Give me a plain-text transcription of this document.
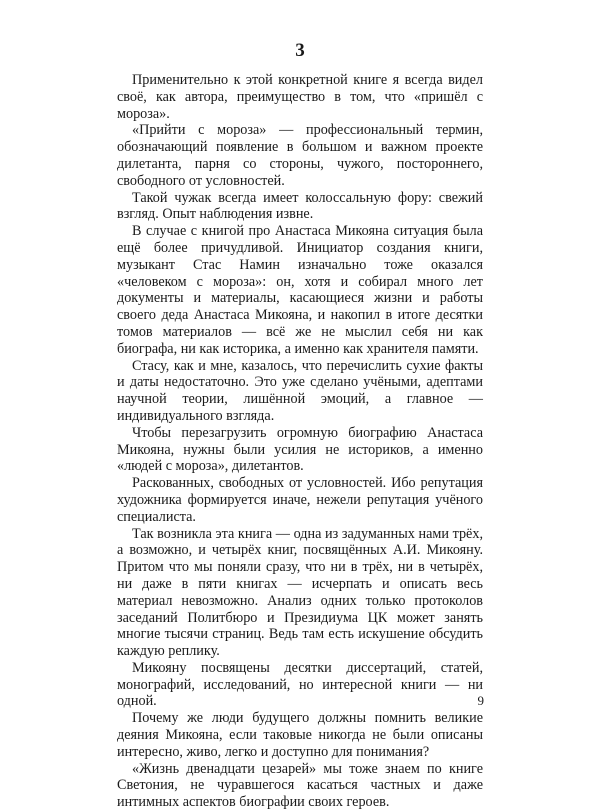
3

Применительно к этой конкретной книге я всегда видел своё, как автора, преимущество в том, что «пришёл с мороза».

«Прийти с мороза» — профессиональный термин, обозначающий появление в большом и важном проекте дилетанта, парня со стороны, чужого, постороннего, свободного от условностей.

Такой чужак всегда имеет колоссальную фору: свежий взгляд. Опыт наблюдения извне.

В случае с книгой про Анастаса Микояна ситуация была ещё более причудливой. Инициатор создания книги, музыкант Стас Намин изначально тоже оказался «человеком с мороза»: он, хотя и собирал много лет документы и материалы, касающиеся жизни и работы своего деда Анастаса Микояна, и накопил в итоге десятки томов материалов — всё же не мыслил себя ни как биографа, ни как историка, а именно как хранителя памяти.

Стасу, как и мне, казалось, что перечислить сухие факты и даты недостаточно. Это уже сделано учёными, адептами научной теории, лишённой эмоций, а главное — индивидуального взгляда.

Чтобы перезагрузить огромную биографию Анастаса Микояна, нужны были усилия не историков, а именно «людей с мороза», дилетантов.

Раскованных, свободных от условностей. Ибо репутация художника формируется иначе, нежели репутация учёного специалиста.

Так возникла эта книга — одна из задуманных нами трёх, а возможно, и четырёх книг, посвящённых А.И. Микояну. Притом что мы поняли сразу, что ни в трёх, ни в четырёх, ни даже в пяти книгах — исчерпать и описать весь материал невозможно. Анализ одних только протоколов заседаний Политбюро и Президиума ЦК может занять многие тысячи страниц. Ведь там есть искушение обсудить каждую реплику.

Микояну посвящены десятки диссертаций, статей, монографий, исследований, но интересной книги — ни одной.

Почему же люди будущего должны помнить великие деяния Микояна, если таковые никогда не были описаны интересно, живо, легко и доступно для понимания?

«Жизнь двенадцати цезарей» мы тоже знаем по книге Светония, не чуравшегося касаться частных и даже интимных аспектов биографии своих героев.

9
